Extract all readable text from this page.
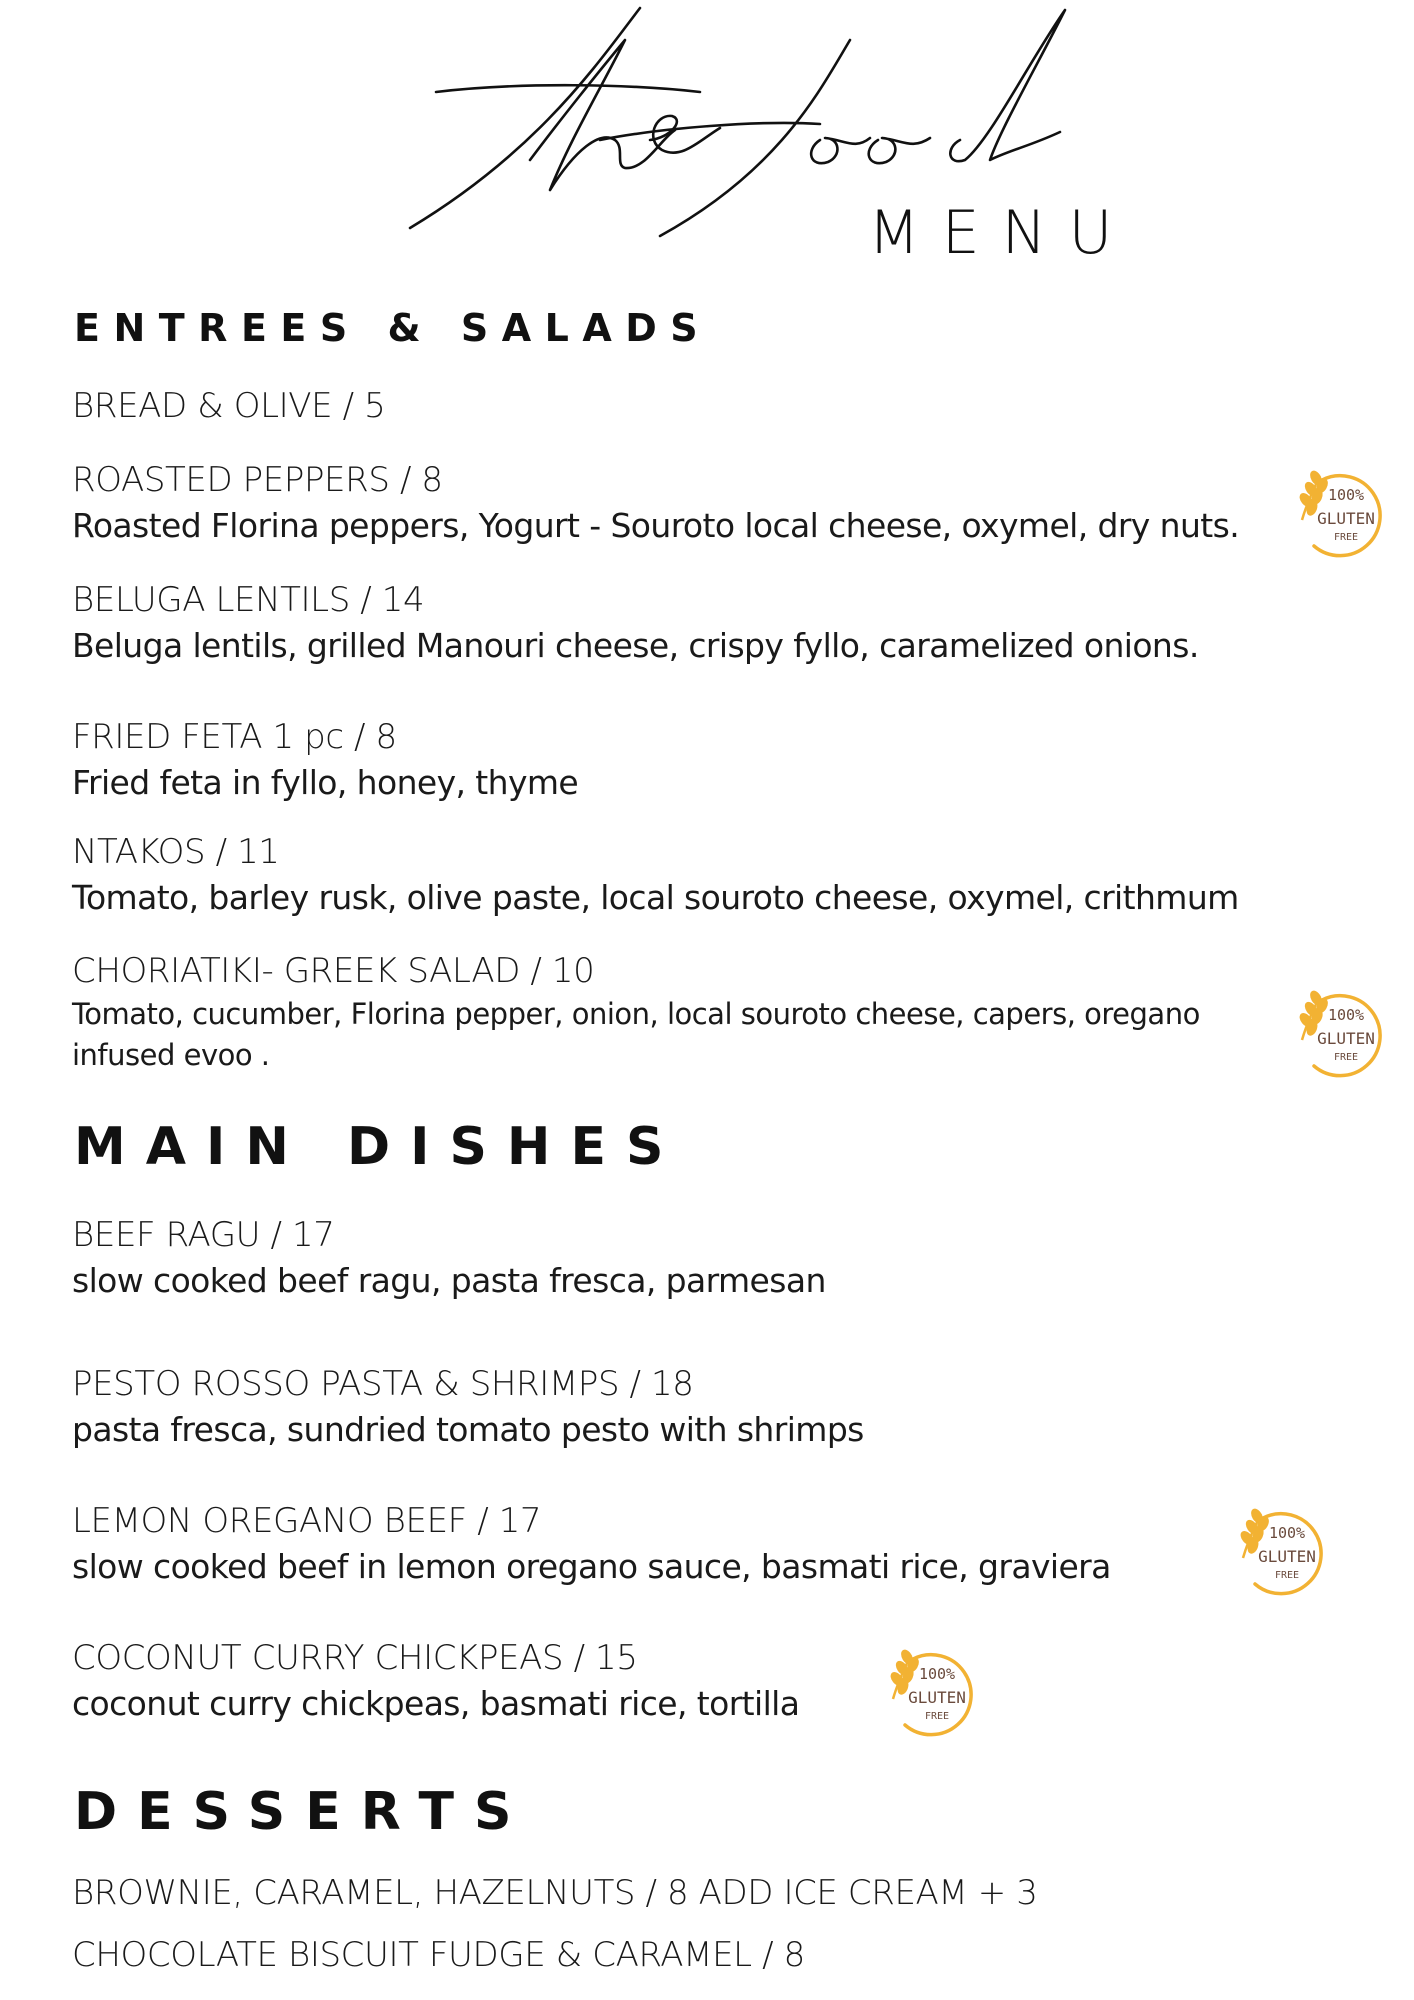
MENU
ENTREES & SALADS
BREAD & OLIVE / 5
ROASTED PEPPERS / 8
Roasted Florina peppers, Yogurt - Souroto local cheese, oxymel, dry nuts.
BELUGA LENTILS / 14
Beluga lentils, grilled Manouri cheese, crispy fyllo, caramelized onions.
FRIED FETA 1 pc / 8
Fried feta in fyllo, honey, thyme
NTAKOS / 11
Tomato, barley rusk, olive paste, local souroto cheese, oxymel, crithmum
CHORIATIKI- GREEK SALAD / 10
Tomato, cucumber, Florina pepper, onion, local souroto cheese, capers, oregano infused evoo .
MAIN DISHES
BEEF RAGU / 17
slow cooked beef ragu, pasta fresca, parmesan
PESTO ROSSO PASTA & SHRIMPS / 18
pasta fresca, sundried tomato pesto with shrimps
LEMON OREGANO BEEF / 17
slow cooked beef in lemon oregano sauce, basmati rice, graviera
COCONUT CURRY CHICKPEAS / 15
coconut curry chickpeas, basmati rice, tortilla
DESSERTS
BROWNIE, CARAMEL, HAZELNUTS / 8 ADD ICE CREAM + 3
CHOCOLATE BISCUIT FUDGE & CARAMEL / 8
100%
GLUTEN
FREE
100%
GLUTEN
FREE
100%
GLUTEN
FREE
100%
GLUTEN
FREE
